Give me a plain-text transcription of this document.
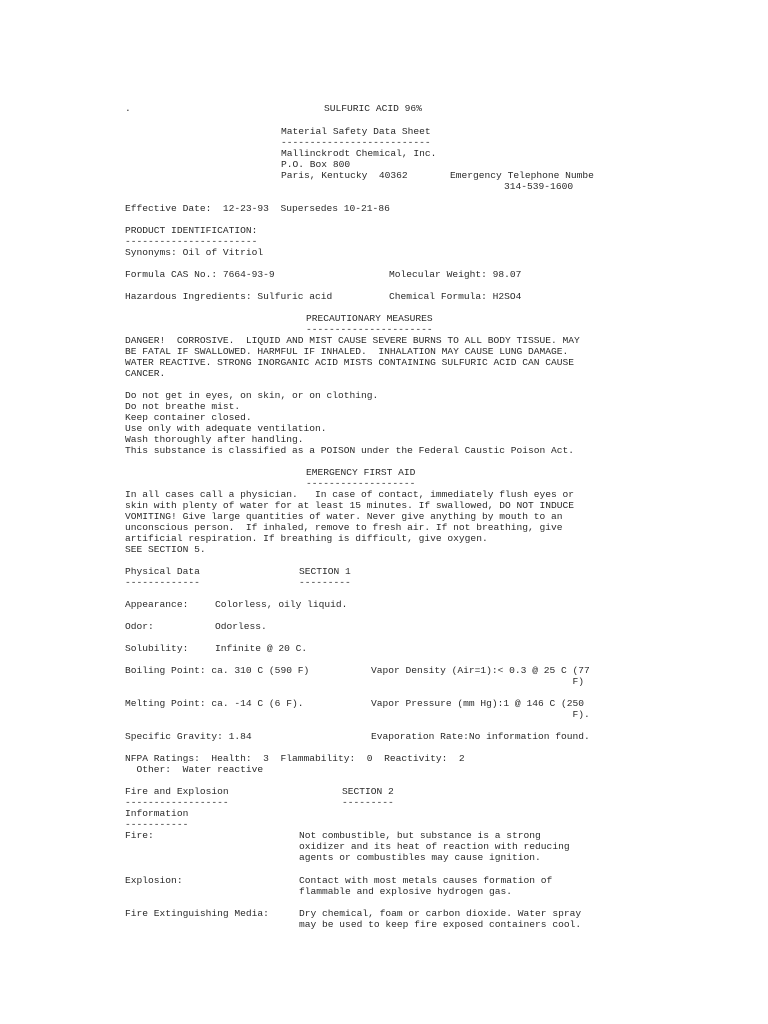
.	SULFURIC ACID 96%
Material Safety Data Sheet
--------------------------
Mallinckrodt Chemical, Inc.
P.O. Box 800
Paris, Kentucky  40362	Emergency Telephone Numbe
314-539-1600
Effective Date:  12-23-93  Supersedes 10-21-86
PRODUCT IDENTIFICATION:
-----------------------
Synonyms: Oil of Vitriol
Formula CAS No.: 7664-93-9	Molecular Weight: 98.07
Hazardous Ingredients: Sulfuric acid	Chemical Formula: H2SO4
PRECAUTIONARY MEASURES
----------------------
DANGER!  CORROSIVE.  LIQUID AND MIST CAUSE SEVERE BURNS TO ALL BODY TISSUE. MAY
BE FATAL IF SWALLOWED. HARMFUL IF INHALED.  INHALATION MAY CAUSE LUNG DAMAGE.
WATER REACTIVE. STRONG INORGANIC ACID MISTS CONTAINING SULFURIC ACID CAN CAUSE
CANCER.
Do not get in eyes, on skin, or on clothing.
Do not breathe mist.
Keep container closed.
Use only with adequate ventilation.
Wash thoroughly after handling.
This substance is classified as a POISON under the Federal Caustic Poison Act.
EMERGENCY FIRST AID
-------------------
In all cases call a physician.   In case of contact, immediately flush eyes or
skin with plenty of water for at least 15 minutes. If swallowed, DO NOT INDUCE
VOMITING! Give large quantities of water. Never give anything by mouth to an
unconscious person.  If inhaled, remove to fresh air. If not breathing, give
artificial respiration. If breathing is difficult, give oxygen.
SEE SECTION 5.
Physical Data
-------------
SECTION 1
---------
Appearance:	Colorless, oily liquid.
Odor:	Odorless.
Solubility:	Infinite @ 20 C.
Boiling Point: ca. 310 C (590 F)	Vapor Density (Air=1):< 0.3 @ 25 C (77
F)
Melting Point: ca. -14 C (6 F).	Vapor Pressure (mm Hg):1 @ 146 C (250
F).
Specific Gravity: 1.84	Evaporation Rate:No information found.
NFPA Ratings:  Health:  3  Flammability:  0  Reactivity:  2
Other:  Water reactive
Fire and Explosion
------------------
SECTION 2
---------
Information
-----------
Fire:	Not combustible, but substance is a strong
oxidizer and its heat of reaction with reducing
agents or combustibles may cause ignition.
Explosion:	Contact with most metals causes formation of
flammable and explosive hydrogen gas.
Fire Extinguishing Media:	Dry chemical, foam or carbon dioxide. Water spray
may be used to keep fire exposed containers cool.
